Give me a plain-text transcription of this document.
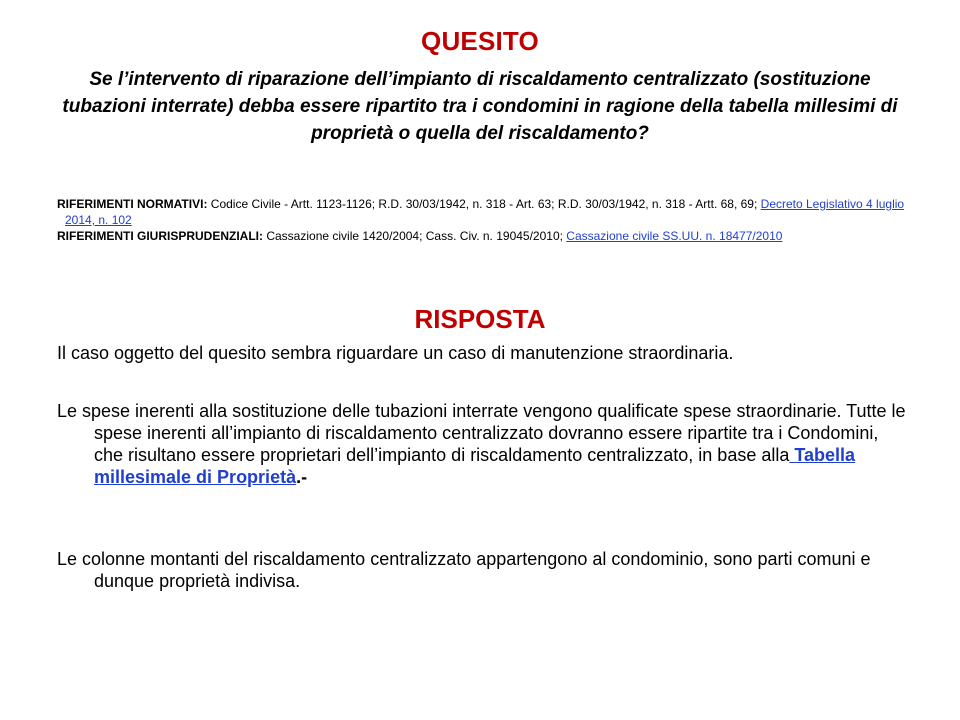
QUESITO
Se l’intervento di riparazione dell’impianto di riscaldamento centralizzato (sostituzione tubazioni interrate) debba essere ripartito tra i condomini in ragione della tabella millesimi di proprietà o quella del riscaldamento?
RIFERIMENTI NORMATIVI: Codice Civile - Artt. 1123-1126; R.D. 30/03/1942, n. 318 - Art. 63; R.D. 30/03/1942, n. 318 - Artt. 68, 69; Decreto Legislativo 4 luglio 2014, n. 102
RIFERIMENTI GIURISPRUDENZIALI: Cassazione civile 1420/2004; Cass. Civ. n. 19045/2010; Cassazione civile SS.UU. n. 18477/2010
RISPOSTA

Il caso oggetto del quesito sembra riguardare un caso di manutenzione straordinaria.

Le spese inerenti alla sostituzione delle tubazioni interrate vengono qualificate spese straordinarie. Tutte le spese inerenti all’impianto di riscaldamento centralizzato dovranno essere ripartite tra i Condomini, che risultano essere proprietari dell’impianto di riscaldamento centralizzato, in base alla Tabella millesimale di Proprietà.-

Le colonne montanti del riscaldamento centralizzato appartengono al condominio, sono parti comuni e dunque proprietà indivisa.
